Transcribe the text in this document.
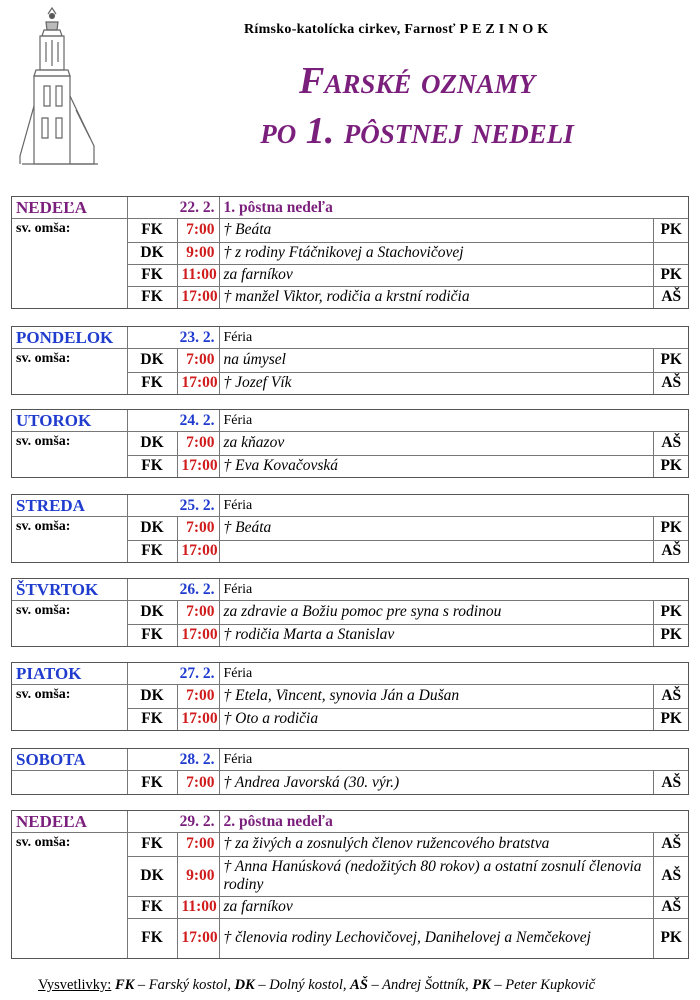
Rímsko-katolícka cirkev, Farnosť PEZINOK
Farské oznamy
po 1. pôstnej nedeli
NEDEĽA	22. 2.		1. pôstna nedeľa	
sv. omša:	FK	7:00	† Beáta	PK
	DK	9:00	† z rodiny Ftáčnikovej a Stachovičovej	
	FK	11:00	za farníkov	PK
	FK	17:00	† manžel Viktor, rodičia a krstní rodičia	AŠ
PONDELOK	23. 2.		Féria	
sv. omša:	DK	7:00	na úmysel	PK
	FK	17:00	† Jozef Vík	AŠ
UTOROK	24. 2.		Féria	
sv. omša:	DK	7:00	za kňazov	AŠ
	FK	17:00	† Eva Kovačovská	PK
STREDA	25. 2.		Féria	
sv. omša:	DK	7:00	† Beáta	PK
	FK	17:00		AŠ
ŠTVRTOK	26. 2.		Féria	
sv. omša:	DK	7:00	za zdravie a Božiu pomoc pre syna s rodinou	PK
	FK	17:00	† rodičia Marta a Stanislav	PK
PIATOK	27. 2.		Féria	
sv. omša:	DK	7:00	† Etela, Vincent, synovia Ján a Dušan	AŠ
	FK	17:00	† Oto a rodičia	PK
SOBOTA	28. 2.		Féria	
	FK	7:00	† Andrea Javorská (30. výr.)	AŠ
NEDEĽA	29. 2.		2. pôstna nedeľa	
sv. omša:	FK	7:00	† za živých a zosnulých členov ružencového bratstva	AŠ
	DK	9:00	† Anna Hanúsková (nedožitých 80 rokov) a ostatní zosnulí členovia rodiny	AŠ
	FK	11:00	za farníkov	AŠ
	FK	17:00	† členovia rodiny Lechovičovej, Danihelovej a Nemčekovej	PK
Vysvetlivky: FK – Farský kostol, DK – Dolný kostol, AŠ – Andrej Šottník, PK – Peter Kupkovič
